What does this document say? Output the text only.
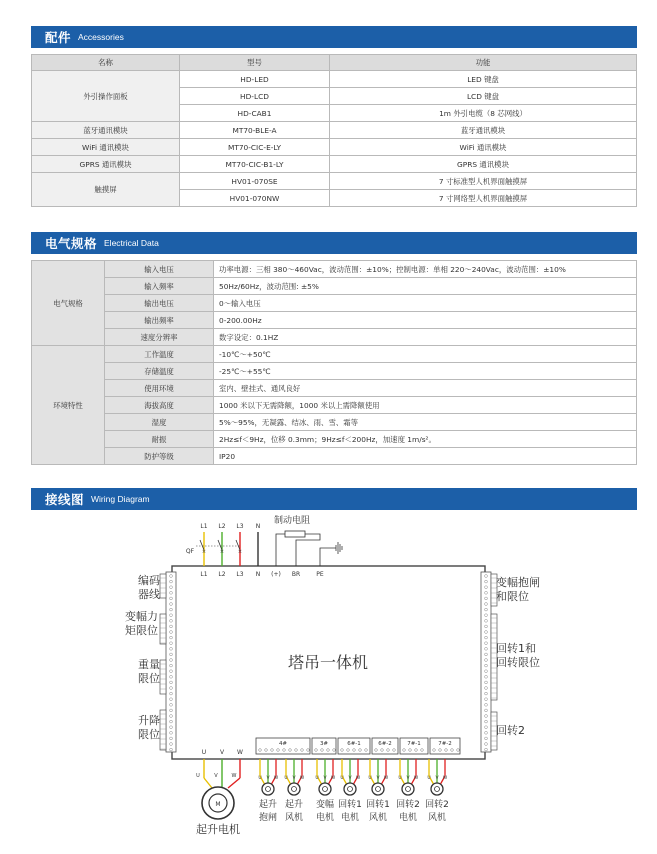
配件 Accessories
名称	型号	功能
外引操作面板	HD-LED	LED 键盘
	HD-LCD	LCD 键盘
	HD-CAB1	1m 外引电缆（8 芯网线）
蓝牙通讯模块	MT70-BLE-A	蓝牙通讯模块
WiFi 通讯模块	MT70-CIC-E-LY	WiFi 通讯模块
GPRS 通讯模块	MT70-CIC-B1-LY	GPRS 通讯模块
触摸屏	HV01-070SE	7 寸标准型人机界面触摸屏
	HV01-070NW	7 寸网络型人机界面触摸屏
电气规格 Electrical Data
电气规格	输入电压	功率电源：三相 380～460Vac，波动范围：±10%；控制电源：单相 220～240Vac，波动范围：±10%
	输入频率	50Hz/60Hz，波动范围: ±5%
	输出电压	0～输入电压
	输出频率	0-200.00Hz
	速度分辨率	数字设定：0.1HZ
环境特性	工作温度	-10℃～+50℃
	存储温度	-25℃～+55℃
	使用环境	室内、壁挂式、通风良好
	海拔高度	1000 米以下无需降额，1000 米以上需降额使用
	湿度	5%～95%，无凝露、结冰、雨、雪、霜等
	耐振	2Hz≤f＜9Hz，位移 0.3mm；9Hz≤f＜200Hz，加速度 1m/s²。
	防护等级	IP20
接线图 Wiring Diagram
塔吊一体机
编码器线
变幅力矩限位
重量限位
升降限位
变幅抱闸和限位
回转1和回转限位
回转2
L1
×
L2
×
L3
×
N
QF
制动电阻
L1 L2 L3 N (+) BR	PE
4#	3#	6#-1	6#-2	7#-1	7#-2
U
U
V
V
W
W	U V W
起升
抱闸
U V W
起升
风机
U V W
变幅
电机
U V W
回转1
电机
U V W
回转1
风机
U V W
回转2
电机
U V W
回转2
风机
M
起升电机
